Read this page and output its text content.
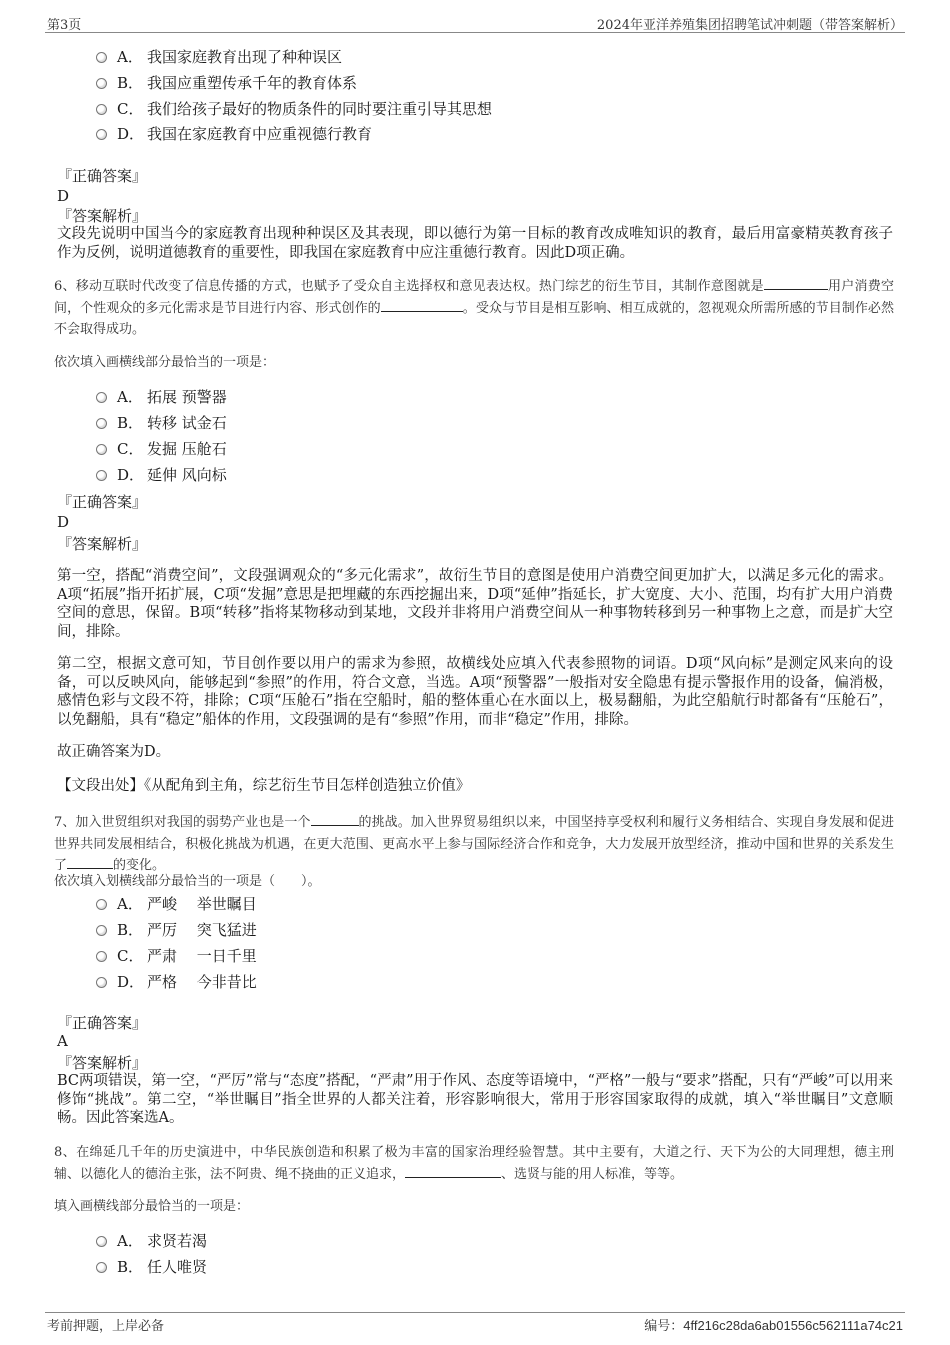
第3页	2024年亚洋养殖集团招聘笔试冲刺题（带答案解析）
A． 我国家庭教育出现了种种误区
B． 我国应重塑传承千年的教育体系
C． 我们给孩子最好的物质条件的同时要注重引导其思想
D． 我国在家庭教育中应重视德行教育
『正确答案』
D
『答案解析』
文段先说明中国当今的家庭教育出现种种误区及其表现，即以德行为第一目标的教育改成唯知识的教育，最后用富豪精英教育孩子作为反例，说明道德教育的重要性，即我国在家庭教育中应注重德行教育。因此D项正确。
6、移动互联时代改变了信息传播的方式，也赋予了受众自主选择权和意见表达权。热门综艺的衍生节目，其制作意图就是	用户消费空间，个性观众的多元化需求是节目进行内容、形式创作的	。受众与节目是相互影响、相互成就的，忽视观众所需所感的节目制作必然不会取得成功。
依次填入画横线部分最恰当的一项是：
A． 拓展 预警器
B． 转移 试金石
C． 发掘 压舱石
D． 延伸 风向标
『正确答案』
D
『答案解析』
第一空，搭配“消费空间”，文段强调观众的“多元化需求”，故衍生节目的意图是使用户消费空间更加扩大，以满足多元化的需求。A项“拓展”指开拓扩展，C项“发掘”意思是把埋藏的东西挖掘出来，D项“延伸”指延长，扩大宽度、大小、范围，均有扩大用户消费空间的意思，保留。B项“转移”指将某物移动到某地，文段并非将用户消费空间从一种事物转移到另一种事物上之意，而是扩大空间，排除。
第二空，根据文意可知，节目创作要以用户的需求为参照，故横线处应填入代表参照物的词语。D项“风向标”是测定风来向的设备，可以反映风向，能够起到“参照”的作用，符合文意，当选。A项“预警器”一般指对安全隐患有提示警报作用的设备，偏消极，感情色彩与文段不符，排除；C项“压舱石”指在空船时，船的整体重心在水面以上，极易翻船，为此空船航行时都备有“压舱石”，以免翻船，具有“稳定”船体的作用，文段强调的是有“参照”作用，而非“稳定”作用，排除。
故正确答案为D。
【文段出处】《从配角到主角，综艺衍生节目怎样创造独立价值》
7、加入世贸组织对我国的弱势产业也是一个	的挑战。加入世界贸易组织以来，中国坚持享受权利和履行义务相结合、实现自身发展和促进世界共同发展相结合，积极化挑战为机遇，在更大范围、更高水平上参与国际经济合作和竞争，大力发展开放型经济，推动中国和世界的关系发生了	的变化。
依次填入划横线部分最恰当的一项是（　　）。
A． 严峻　 举世瞩目
B． 严厉　 突飞猛进
C． 严肃　 一日千里
D． 严格　 今非昔比
『正确答案』
A
『答案解析』
BC两项错误，第一空，“严厉”常与“态度”搭配，“严肃”用于作风、态度等语境中，“严格”一般与“要求”搭配，只有“严峻”可以用来修饰“挑战”。第二空，“举世瞩目”指全世界的人都关注着，形容影响很大，常用于形容国家取得的成就，填入“举世瞩目”文意顺畅。因此答案选A。
8、在绵延几千年的历史演进中，中华民族创造和积累了极为丰富的国家治理经验智慧。其中主要有，大道之行、天下为公的大同理想，德主刑辅、以德化人的德治主张，法不阿贵、绳不挠曲的正义追求，	、选贤与能的用人标准，等等。
填入画横线部分最恰当的一项是：
A． 求贤若渴
B． 任人唯贤
考前押题，上岸必备	编号：4ff216c28da6ab01556c562111a74c21
